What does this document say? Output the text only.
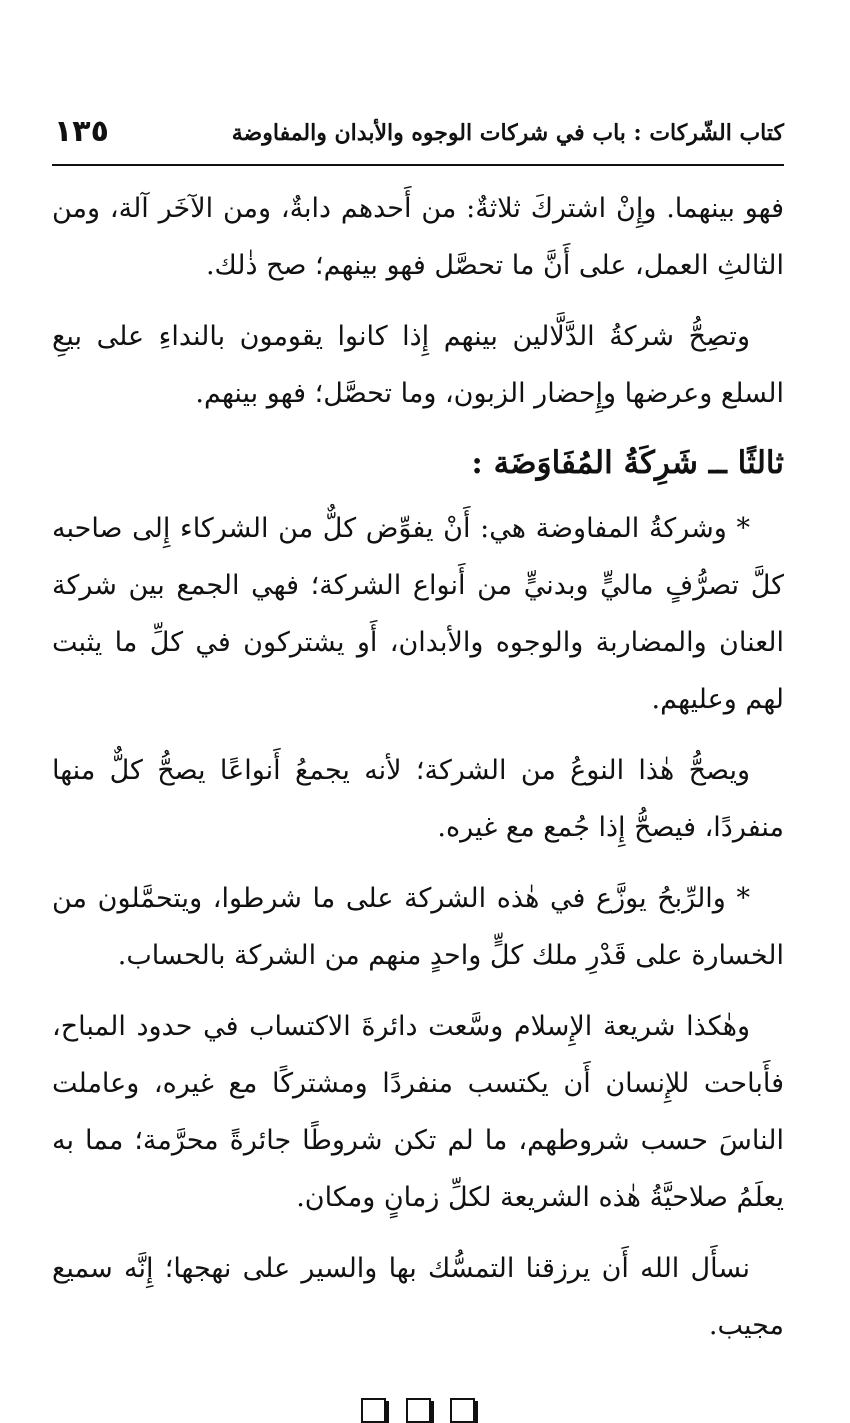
كتاب الشّركات : باب في شركات الوجوه والأبدان والمفاوضة
١٣٥

فهو بينهما. وإِنْ اشتركَ ثلاثةٌ: من أَحدهم دابةٌ، ومن الآخَر آلة، ومن الثالثِ العمل، على أَنَّ ما تحصَّل فهو بينهم؛ صح ذٰلك.

وتصِحُّ شركةُ الدَّلَّالين بينهم إِذا كانوا يقومون بالنداءِ على بيعِ السلع وعرضها وإِحضار الزبون، وما تحصَّل؛ فهو بينهم.

ثالثًا ــ شَرِكَةُ المُفَاوَضَة :

* وشركةُ المفاوضة هي: أَنْ يفوِّض كلٌّ من الشركاء إِلى صاحبه كلَّ تصرُّفٍ ماليٍّ وبدنيٍّ من أَنواع الشركة؛ فهي الجمع بين شركة العنان والمضاربة والوجوه والأبدان، أَو يشتركون في كلِّ ما يثبت لهم وعليهم.

ويصحُّ هٰذا النوعُ من الشركة؛ لأنه يجمعُ أَنواعًا يصحُّ كلٌّ منها منفردًا، فيصحُّ إِذا جُمع مع غيره.

* والرِّبحُ يوزَّع في هٰذه الشركة على ما شرطوا، ويتحمَّلون من الخسارة على قَدْرِ ملك كلٍّ واحدٍ منهم من الشركة بالحساب.

وهٰكذا شريعة الإِسلام وسَّعت دائرةَ الاكتساب في حدود المباح، فأَباحت للإِنسان أَن يكتسب منفردًا ومشتركًا مع غيره، وعاملت الناسَ حسب شروطهم، ما لم تكن شروطًا جائرةً محرَّمة؛ مما به يعلَمُ صلاحيَّةُ هٰذه الشريعة لكلِّ زمانٍ ومكان.

نسأَل الله أَن يرزقنا التمسُّك بها والسير على نهجها؛ إِنَّه سميع مجيب.
